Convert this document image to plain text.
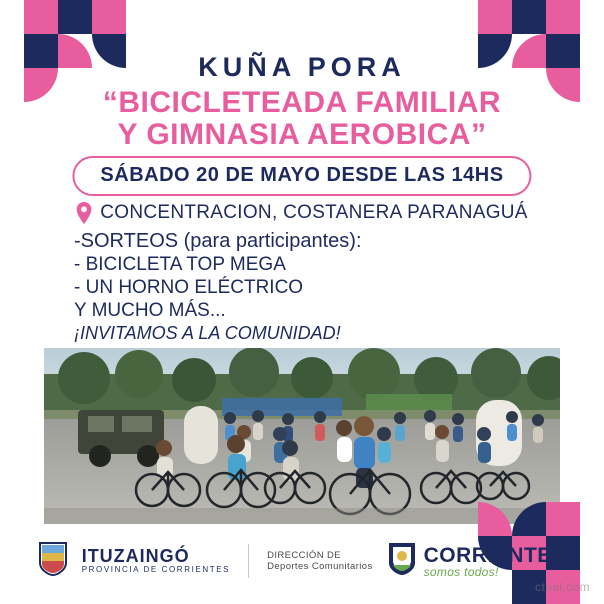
KUÑA PORA
“BICICLETEADA FAMILIAR
Y GIMNASIA AEROBICA”
SÁBADO 20 DE MAYO DESDE LAS 14HS
CONCENTRACION, COSTANERA PARANAGUÁ
-SORTEOS (para participantes):
- BICICLETA TOP MEGA
- UN HORNO ELÉCTRICO
Y MUCHO MÁS...
¡INVITAMOS A LA COMUNIDAD!
ITUZAINGÓ
PROVINCIA DE CORRIENTES
DIRECCIÓN DE
Deportes Comunitarios CORRIENTES
somos todos!
ctual.com
